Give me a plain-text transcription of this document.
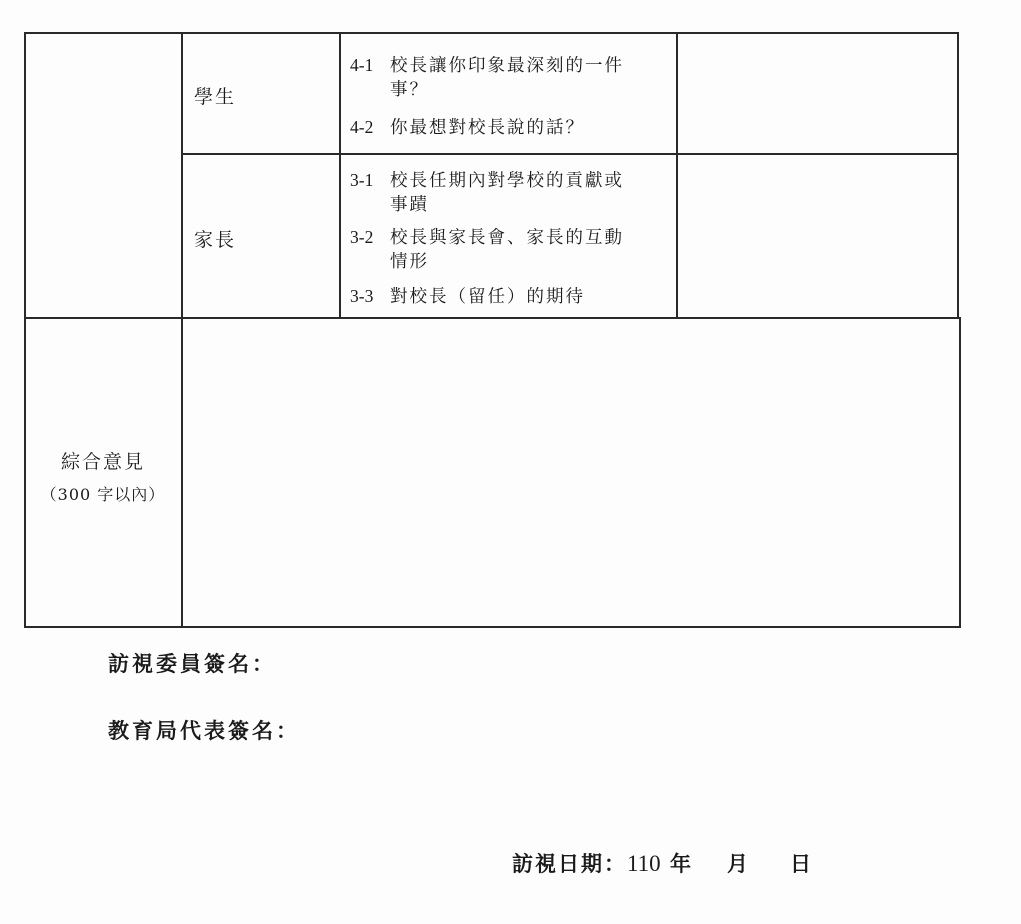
學生
4-1 校長讓你印象最深刻的一件
事？
4-2 你最想對校長說的話？
家長
3-1 校長任期內對學校的貢獻或
事蹟
3-2 校長與家長會、家長的互動
情形
3-3 對校長（留任）的期待
綜合意見
（300 字以內）
訪視委員簽名：
教育局代表簽名：
訪視日期：110 年 月 日
